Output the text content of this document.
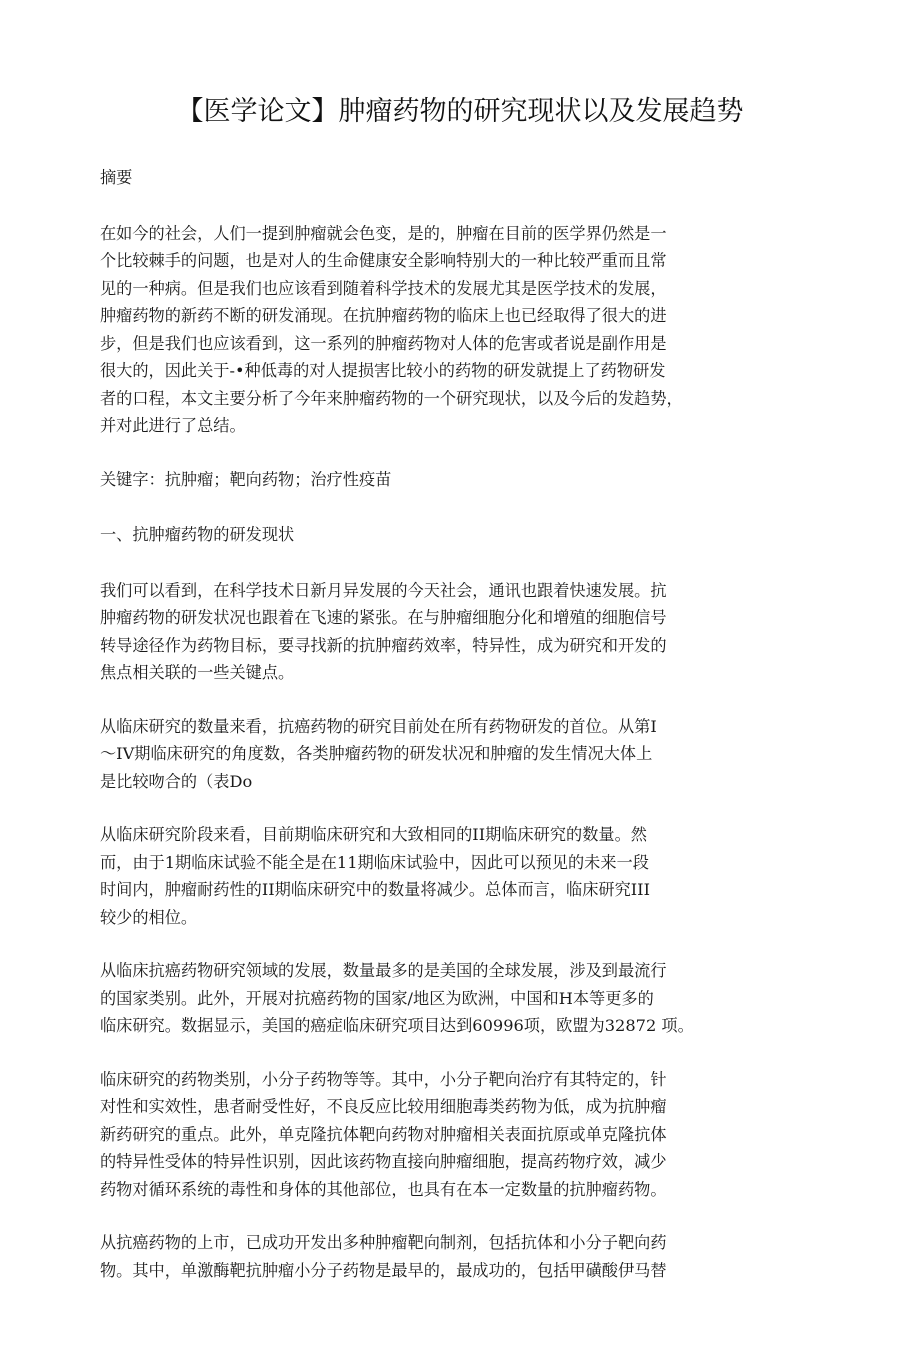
【医学论文】肿瘤药物的研究现状以及发展趋势

摘要

在如今的社会，人们一提到肿瘤就会色变，是的，肿瘤在目前的医学界仍然是一
个比较棘手的问题，也是对人的生命健康安全影响特别大的一种比较严重而且常
见的一种病。但是我们也应该看到随着科学技术的发展尤其是医学技术的发展，
肿瘤药物的新药不断的研发涌现。在抗肿瘤药物的临床上也已经取得了很大的进
步，但是我们也应该看到，这一系列的肿瘤药物对人体的危害或者说是副作用是
很大的，因此关于-•种低毒的对人提损害比较小的药物的研发就提上了药物研发
者的口程，本文主要分析了今年来肿瘤药物的一个研究现状，以及今后的发趋势，
并对此进行了总结。

关键字：抗肿瘤；靶向药物；治疗性疫苗

一、抗肿瘤药物的研发现状

我们可以看到，在科学技术日新月异发展的今天社会，通讯也跟着快速发展。抗
肿瘤药物的研发状况也跟着在飞速的紧张。在与肿瘤细胞分化和增殖的细胞信号
转导途径作为药物目标，要寻找新的抗肿瘤药效率，特异性，成为研究和开发的
焦点相关联的一些关键点。

从临床研究的数量来看，抗癌药物的研究目前处在所有药物研发的首位。从第I
〜IV期临床研究的角度数，各类肿瘤药物的研发状况和肿瘤的发生情况大体上
是比较吻合的（表Do

从临床研究阶段来看，目前期临床研究和大致相同的II期临床研究的数量。然
而，由于1期临床试验不能全是在11期临床试验中，因此可以预见的未来一段
时间内，肿瘤耐药性的II期临床研究中的数量将减少。总体而言，临床研究III
较少的相位。

从临床抗癌药物研究领域的发展，数量最多的是美国的全球发展，涉及到最流行
的国家类别。此外，开展对抗癌药物的国家/地区为欧洲，中国和H本等更多的
临床研究。数据显示，美国的癌症临床研究项目达到60996项，欧盟为32872 项。

临床研究的药物类别，小分子药物等等。其中，小分子靶向治疗有其特定的，针
对性和实效性，患者耐受性好，不良反应比较用细胞毒类药物为低，成为抗肿瘤
新药研究的重点。此外，单克隆抗体靶向药物对肿瘤相关表面抗原或单克隆抗体
的特异性受体的特异性识别，因此该药物直接向肿瘤细胞，提高药物疗效，减少
药物对循环系统的毒性和身体的其他部位，也具有在本一定数量的抗肿瘤药物。

从抗癌药物的上市，已成功开发出多种肿瘤靶向制剂，包括抗体和小分子靶向药
物。其中，单激酶靶抗肿瘤小分子药物是最早的，最成功的，包括甲磺酸伊马替
